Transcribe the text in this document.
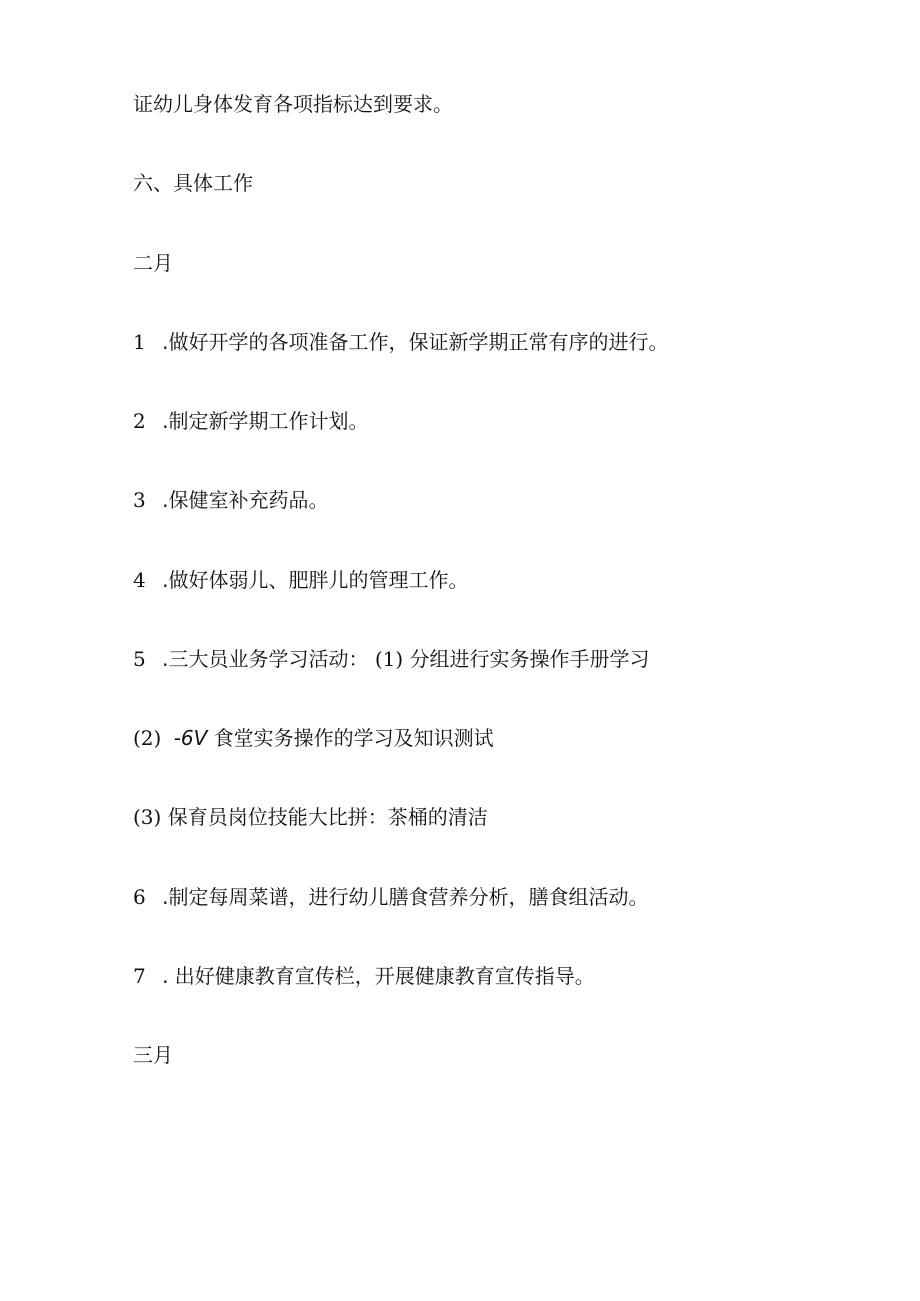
证幼儿身体发育各项指标达到要求。
六、具体工作
二月
1 .做好开学的各项准备工作，保证新学期正常有序的进行。
2 .制定新学期工作计划。
3 .保健室补充药品。
4 .做好体弱儿、肥胖儿的管理工作。
5 .三大员业务学习活动： (1) 分组进行实务操作手册学习
(2) -6V 食堂实务操作的学习及知识测试
(3) 保育员岗位技能大比拼：茶桶的清洁
6 .制定每周菜谱，进行幼儿膳食营养分析，膳食组活动。
7 . 出好健康教育宣传栏，开展健康教育宣传指导。
三月
